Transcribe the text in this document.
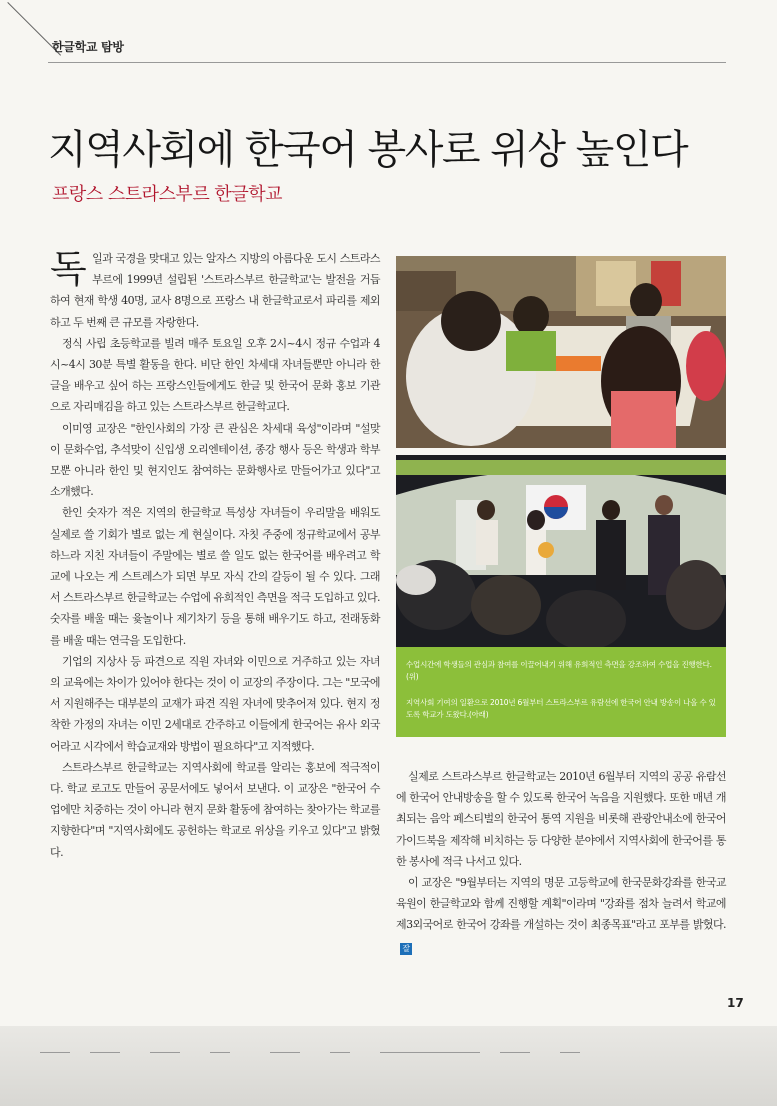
한글학교 탐방
지역사회에 한국어 봉사로 위상 높인다
프랑스 스트라스부르 한글학교

독일과 국경을 맞대고 있는 알자스 지방의 아름다운 도시 스트라스부르에 1999년 설립된 '스트라스부르 한글학교'는 발전을 거듭하여 현재 학생 40명, 교사 8명으로 프랑스 내 한글학교로서 파리를 제외하고 두 번째 큰 규모를 자랑한다.

정식 사립 초등학교를 빌려 매주 토요일 오후 2시~4시 정규 수업과 4시~4시 30분 특별 활동을 한다. 비단 한인 차세대 자녀들뿐만 아니라 한글을 배우고 싶어 하는 프랑스인들에게도 한글 및 한국어 문화 홍보 기관으로 자리매김을 하고 있는 스트라스부르 한글학교다.

이미영 교장은 "한인사회의 가장 큰 관심은 차세대 육성"이라며 "설맞이 문화수업, 추석맞이 신입생 오리엔테이션, 종강 행사 등은 학생과 학부모뿐 아니라 한인 및 현지인도 참여하는 문화행사로 만들어가고 있다"고 소개했다.

한인 숫자가 적은 지역의 한글학교 특성상 자녀들이 우리말을 배워도 실제로 쓸 기회가 별로 없는 게 현실이다. 자칫 주중에 정규학교에서 공부하느라 지친 자녀들이 주말에는 별로 쓸 일도 없는 한국어를 배우려고 학교에 나오는 게 스트레스가 되면 부모 자식 간의 갈등이 될 수 있다. 그래서 스트라스부르 한글학교는 수업에 유희적인 측면을 적극 도입하고 있다. 숫자를 배울 때는 윷놀이나 제기차기 등을 통해 배우기도 하고, 전래동화를 배울 때는 연극을 도입한다.

기업의 지상사 등 파견으로 직원 자녀와 이민으로 거주하고 있는 자녀의 교육에는 차이가 있어야 한다는 것이 이 교장의 주장이다. 그는 "모국에서 지원해주는 대부분의 교재가 파견 직원 자녀에 맞추어져 있다. 현지 정착한 가정의 자녀는 이민 2세대로 간주하고 이들에게 한국어는 유사 외국어라고 시각에서 학습교재와 방법이 필요하다"고 지적했다.

스트라스부르 한글학교는 지역사회에 학교를 알리는 홍보에 적극적이다. 학교 로고도 만들어 공문서에도 넣어서 보낸다. 이 교장은 "한국어 수업에만 치중하는 것이 아니라 현지 문화 활동에 참여하는 찾아가는 학교를 지향한다"며 "지역사회에도 공헌하는 학교로 위상을 키우고 있다"고 밝혔다.

수업시간에 학생들의 관심과 참여를 이끌어내기 위해 유희적인 측면을 강조하여 수업을 진행한다.(위)
지역사회 기여의 일환으로 2010년 6월부터 스트라스부르 유람선에 한국어 안내 방송이 나올 수 있도록 학교가 도왔다.(아래)

실제로 스트라스부르 한글학교는 2010년 6월부터 지역의 공공 유람선에 한국어 안내방송을 할 수 있도록 한국어 녹음을 지원했다. 또한 매년 개최되는 음악 페스티벌의 한국어 통역 지원을 비롯해 관광안내소에 한국어 가이드북을 제작해 비치하는 등 다양한 분야에서 지역사회에 한국어를 통한 봉사에 적극 나서고 있다.

이 교장은 "9월부터는 지역의 명문 고등학교에 한국문화강좌를 한국교육원이 한글학교와 함께 진행할 계획"이라며 "강좌를 점차 늘려서 학교에 제3외국어로 한국어 강좌를 개설하는 것이 최종목표"라고 포부를 밝혔다.잘

17
